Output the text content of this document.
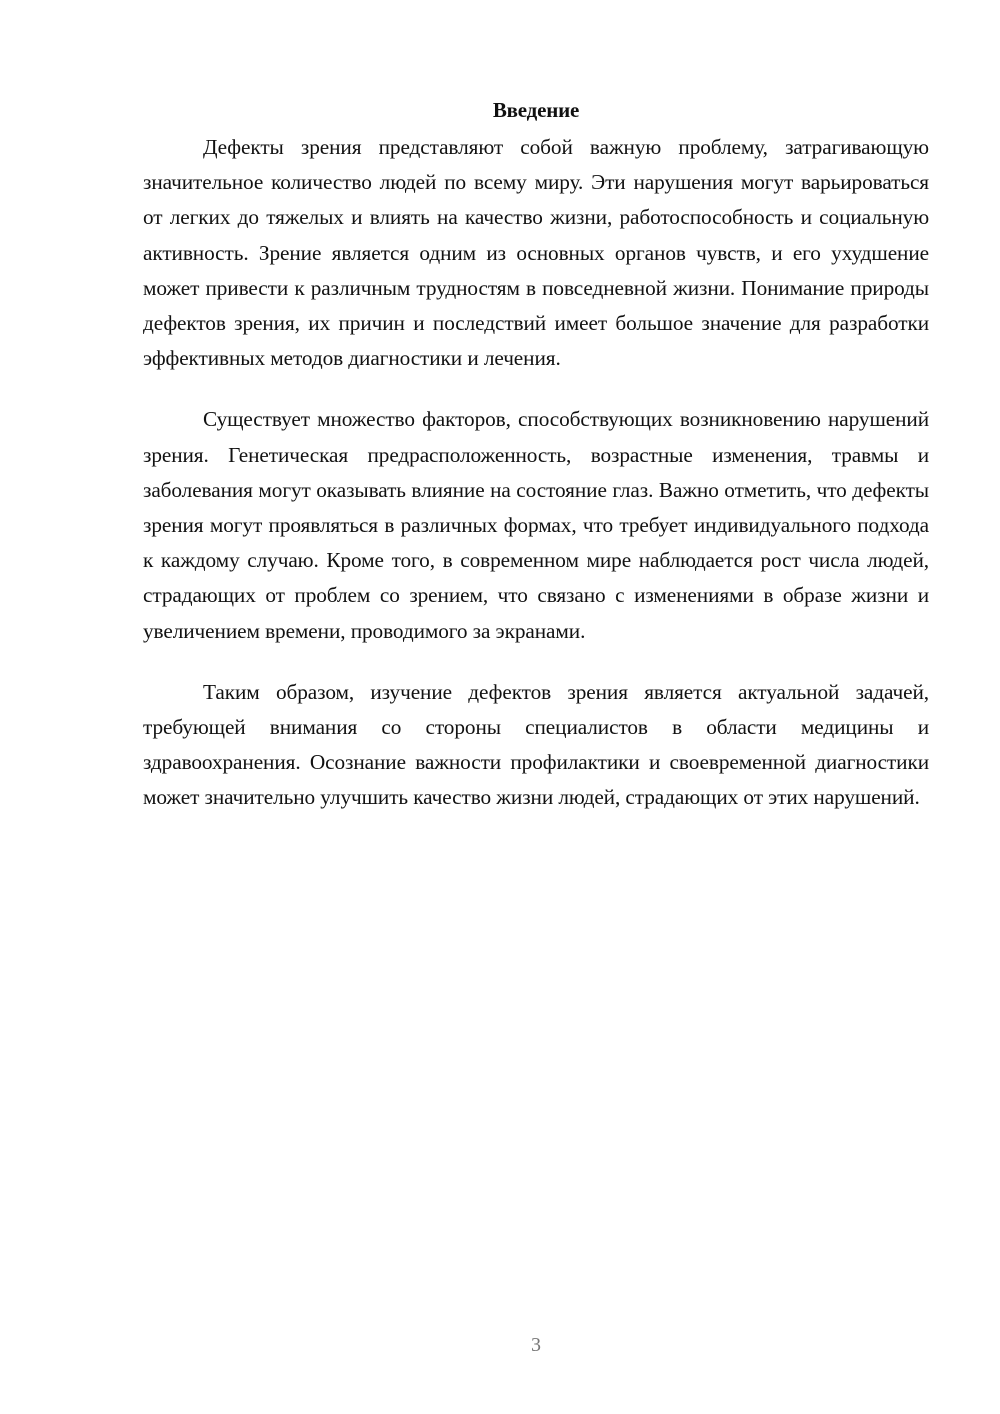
Введение

Дефекты зрения представляют собой важную проблему, затрагивающую значительное количество людей по всему миру. Эти нарушения могут варьироваться от легких до тяжелых и влиять на качество жизни, работоспособность и социальную активность. Зрение является одним из основных органов чувств, и его ухудшение может привести к различным трудностям в повседневной жизни. Понимание природы дефектов зрения, их причин и последствий имеет большое значение для разработки эффективных методов диагностики и лечения.

Существует множество факторов, способствующих возникновению нарушений зрения. Генетическая предрасположенность, возрастные изменения, травмы и заболевания могут оказывать влияние на состояние глаз. Важно отметить, что дефекты зрения могут проявляться в различных формах, что требует индивидуального подхода к каждому случаю. Кроме того, в современном мире наблюдается рост числа людей, страдающих от проблем со зрением, что связано с изменениями в образе жизни и увеличением времени, проводимого за экранами.

Таким образом, изучение дефектов зрения является актуальной задачей, требующей внимания со стороны специалистов в области медицины и здравоохранения. Осознание важности профилактики и своевременной диагностики может значительно улучшить качество жизни людей, страдающих от этих нарушений.

3
